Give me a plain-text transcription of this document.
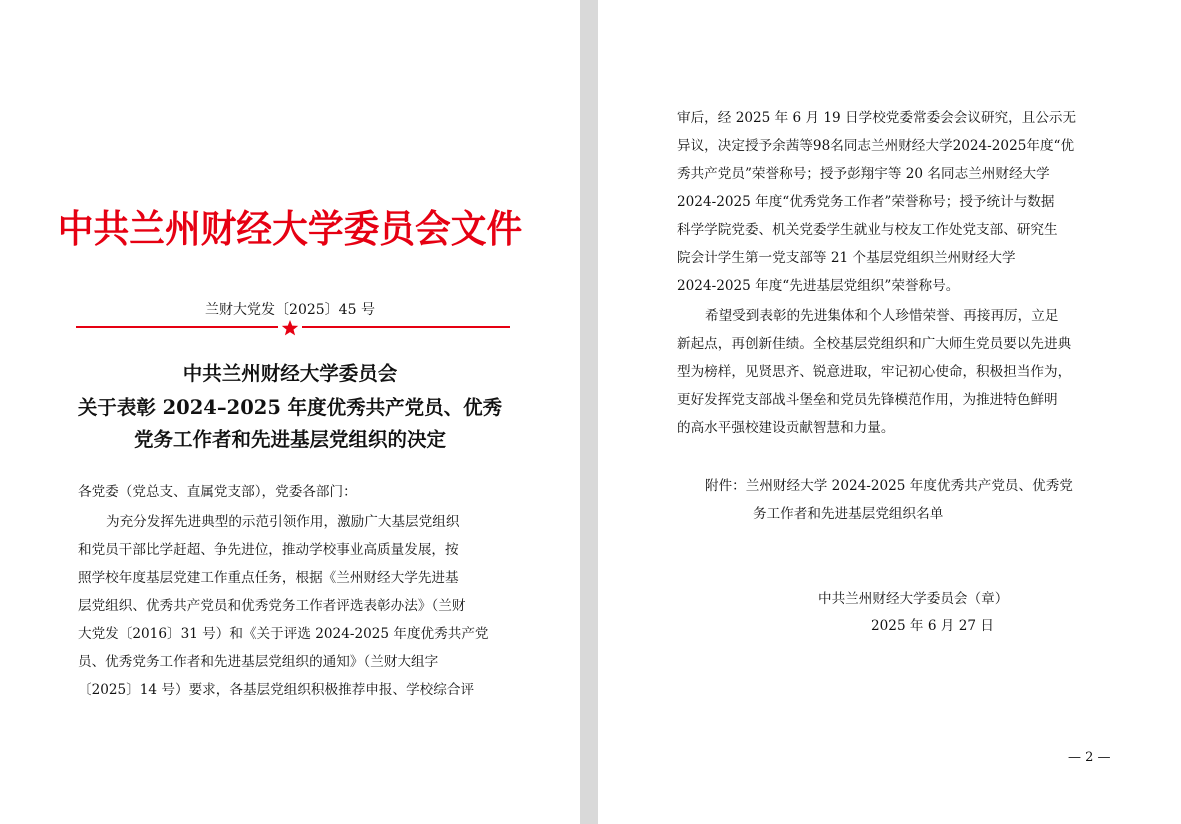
中共兰州财经大学委员会文件
兰财大党发〔2025〕45 号
中共兰州财经大学委员会
关于表彰 2024–2025 年度优秀共产党员、优秀
党务工作者和先进基层党组织的决定
各党委（党总支、直属党支部），党委各部门：
为充分发挥先进典型的示范引领作用，激励广大基层党组织
和党员干部比学赶超、争先进位，推动学校事业高质量发展，按
照学校年度基层党建工作重点任务，根据《兰州财经大学先进基
层党组织、优秀共产党员和优秀党务工作者评选表彰办法》（兰财
大党发〔2016〕31 号）和《关于评选 2024-2025 年度优秀共产党
员、优秀党务工作者和先进基层党组织的通知》（兰财大组字
〔2025〕14 号）要求，各基层党组织积极推荐申报、学校综合评
审后，经 2025 年 6 月 19 日学校党委常委会会议研究，且公示无
异议，决定授予余茜等98名同志兰州财经大学2024-2025年度“优
秀共产党员”荣誉称号；授予彭翔宇等 20 名同志兰州财经大学
2024-2025 年度“优秀党务工作者”荣誉称号；授予统计与数据
科学学院党委、机关党委学生就业与校友工作处党支部、研究生
院会计学生第一党支部等 21 个基层党组织兰州财经大学
2024-2025 年度“先进基层党组织”荣誉称号。
希望受到表彰的先进集体和个人珍惜荣誉、再接再厉，立足
新起点，再创新佳绩。全校基层党组织和广大师生党员要以先进典
型为榜样，见贤思齐、锐意进取，牢记初心使命，积极担当作为，
更好发挥党支部战斗堡垒和党员先锋模范作用，为推进特色鲜明
的高水平强校建设贡献智慧和力量。
附件：兰州财经大学 2024-2025 年度优秀共产党员、优秀党
务工作者和先进基层党组织名单
中共兰州财经大学委员会（章）
2025 年 6 月 27 日
— 2 —
